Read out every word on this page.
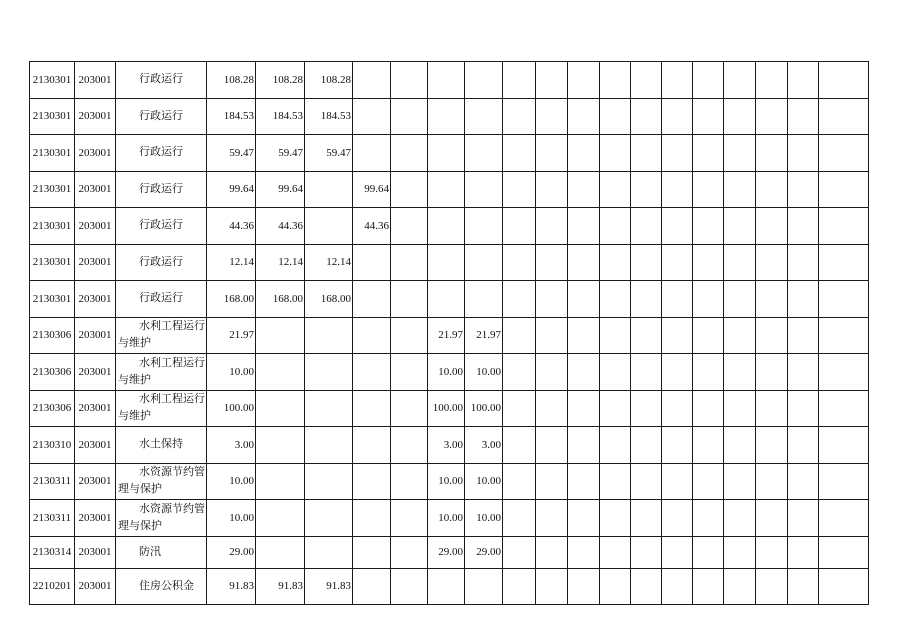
2130301	203001	行政运行	108.28	108.28	108.28															
2130301	203001	行政运行	184.53	184.53	184.53															
2130301	203001	行政运行	59.47	59.47	59.47															
2130301	203001	行政运行	99.64	99.64		99.64														
2130301	203001	行政运行	44.36	44.36		44.36														
2130301	203001	行政运行	12.14	12.14	12.14															
2130301	203001	行政运行	168.00	168.00	168.00															
2130306	203001	水利工程运行与维护	21.97					21.97	21.97											
2130306	203001	水利工程运行与维护	10.00					10.00	10.00											
2130306	203001	水利工程运行与维护	100.00					100.00	100.00											
2130310	203001	水土保持	3.00					3.00	3.00											
2130311	203001	水资源节约管理与保护	10.00					10.00	10.00											
2130311	203001	水资源节约管理与保护	10.00					10.00	10.00											
2130314	203001	防汛	29.00					29.00	29.00											
2210201	203001	住房公积金	91.83	91.83	91.83															
